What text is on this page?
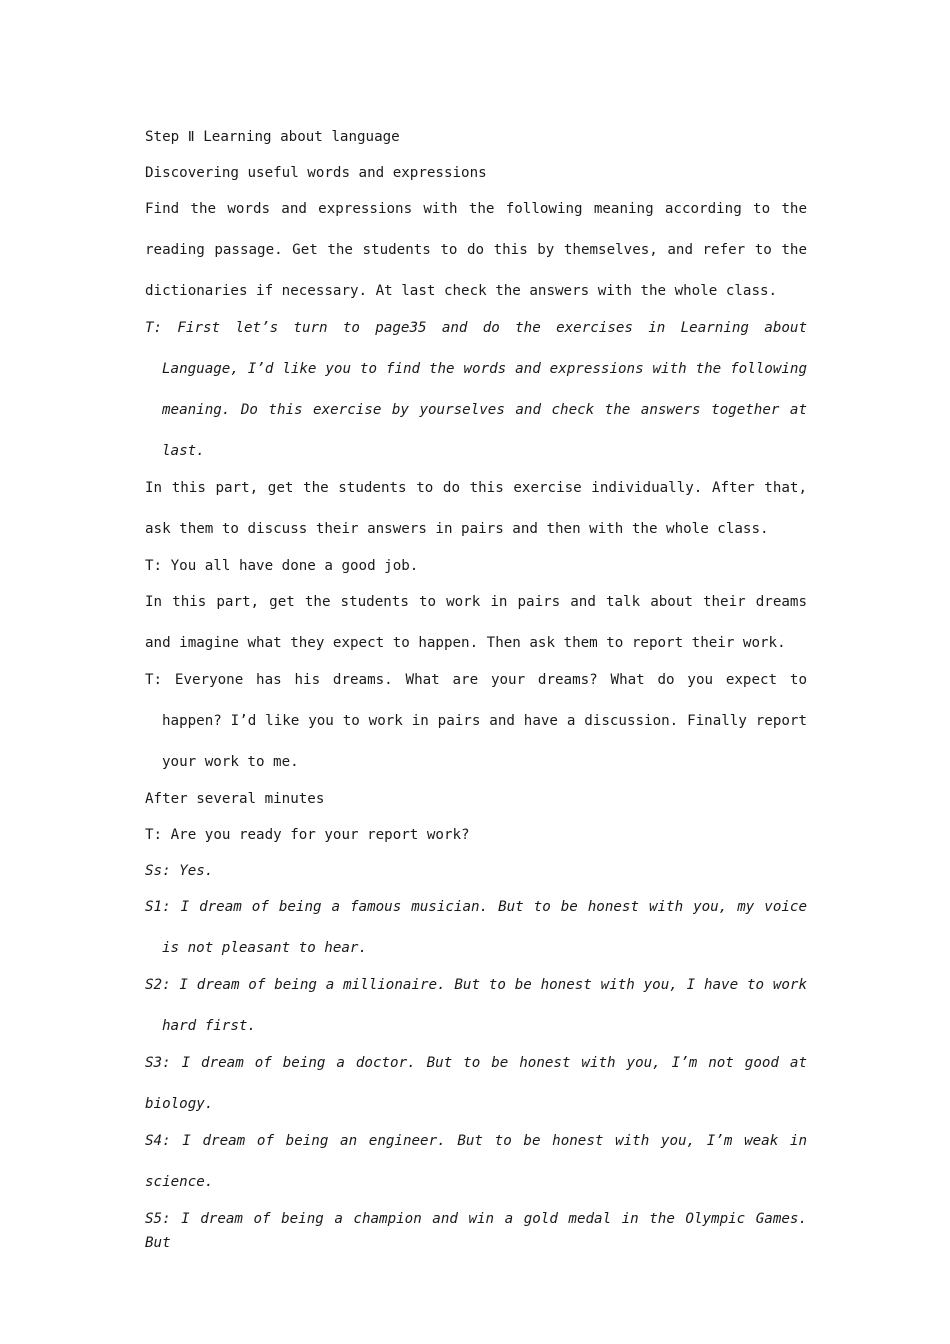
Step Ⅱ Learning about language

Discovering useful words and expressions

Find the words and expressions with the following meaning according to the reading passage. Get the students to do this by themselves, and refer to the dictionaries if necessary. At last check the answers with the whole class.

T: First let’s turn to page35 and do the exercises in Learning about Language, I’d like you to find the words and expressions with the following meaning. Do this exercise by yourselves and check the answers together at last.

In this part, get the students to do this exercise individually. After that, ask them to discuss their answers in pairs and then with the whole class.

T: You all have done a good job.

In this part, get the students to work in pairs and talk about their dreams and imagine what they expect to happen. Then ask them to report their work.

T: Everyone has his dreams. What are your dreams? What do you expect to happen? I’d like you to work in pairs and have a discussion. Finally report your work to me.

After several minutes

T: Are you ready for your report work?

Ss: Yes.

S1: I dream of being a famous musician. But to be honest with you, my voice is not pleasant to hear.

S2: I dream of being a millionaire. But to be honest with you, I have to work hard first.

S3: I dream of being a doctor. But to be honest with you, I’m not good at biology.

S4: I dream of being an engineer. But to be honest with you, I’m weak in science.

S5: I dream of being a champion and win a gold medal in the Olympic Games. But
